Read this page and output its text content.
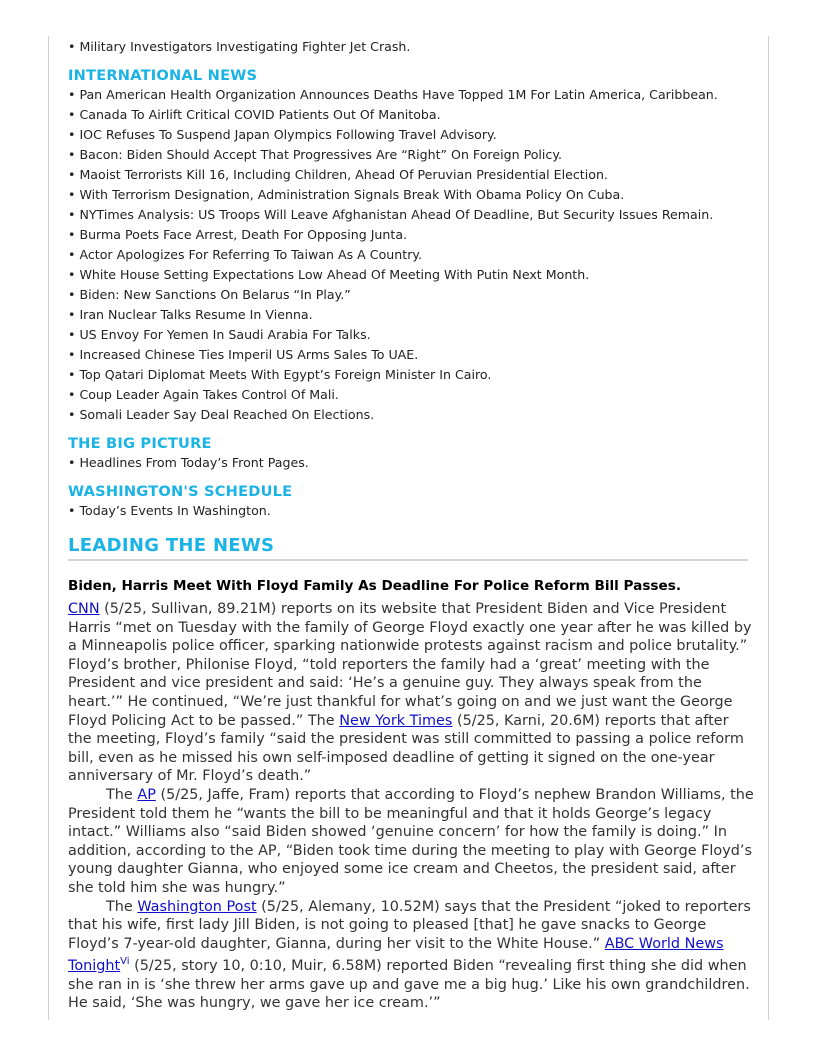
• Military Investigators Investigating Fighter Jet Crash.
INTERNATIONAL NEWS
• Pan American Health Organization Announces Deaths Have Topped 1M For Latin America, Caribbean.
• Canada To Airlift Critical COVID Patients Out Of Manitoba.
• IOC Refuses To Suspend Japan Olympics Following Travel Advisory.
• Bacon: Biden Should Accept That Progressives Are “Right” On Foreign Policy.
• Maoist Terrorists Kill 16, Including Children, Ahead Of Peruvian Presidential Election.
• With Terrorism Designation, Administration Signals Break With Obama Policy On Cuba.
• NYTimes Analysis: US Troops Will Leave Afghanistan Ahead Of Deadline, But Security Issues Remain.
• Burma Poets Face Arrest, Death For Opposing Junta.
• Actor Apologizes For Referring To Taiwan As A Country.
• White House Setting Expectations Low Ahead Of Meeting With Putin Next Month.
• Biden: New Sanctions On Belarus “In Play.”
• Iran Nuclear Talks Resume In Vienna.
• US Envoy For Yemen In Saudi Arabia For Talks.
• Increased Chinese Ties Imperil US Arms Sales To UAE.
• Top Qatari Diplomat Meets With Egypt’s Foreign Minister In Cairo.
• Coup Leader Again Takes Control Of Mali.
• Somali Leader Say Deal Reached On Elections.
THE BIG PICTURE
• Headlines From Today’s Front Pages.
WASHINGTON'S SCHEDULE
• Today’s Events In Washington.
LEADING THE NEWS
Biden, Harris Meet With Floyd Family As Deadline For Police Reform Bill Passes.

CNN (5/25, Sullivan, 89.21M) reports on its website that President Biden and Vice President Harris “met on Tuesday with the family of George Floyd exactly one year after he was killed by a Minneapolis police officer, sparking nationwide protests against racism and police brutality.” Floyd’s brother, Philonise Floyd, “told reporters the family had a ‘great’ meeting with the President and vice president and said: ‘He’s a genuine guy. They always speak from the heart.’” He continued, “We’re just thankful for what’s going on and we just want the George Floyd Policing Act to be passed.” The New York Times (5/25, Karni, 20.6M) reports that after the meeting, Floyd’s family “said the president was still committed to passing a police reform bill, even as he missed his own self-imposed deadline of getting it signed on the one-year anniversary of Mr. Floyd’s death.”

The AP (5/25, Jaffe, Fram) reports that according to Floyd’s nephew Brandon Williams, the President told them he “wants the bill to be meaningful and that it holds George’s legacy intact.” Williams also “said Biden showed ‘genuine concern’ for how the family is doing.” In addition, according to the AP, “Biden took time during the meeting to play with George Floyd’s young daughter Gianna, who enjoyed some ice cream and Cheetos, the president said, after she told him she was hungry.”

The Washington Post (5/25, Alemany, 10.52M) says that the President “joked to reporters that his wife, first lady Jill Biden, is not going to pleased [that] he gave snacks to George Floyd’s 7-year-old daughter, Gianna, during her visit to the White House.” ABC World News Tonight$^{Vi}$ (5/25, story 10, 0:10, Muir, 6.58M) reported Biden “revealing first thing she did when she ran in is ‘she threw her arms gave up and gave me a big hug.’ Like his own grandchildren. He said, ‘She was hungry, we gave her ice cream.’”
